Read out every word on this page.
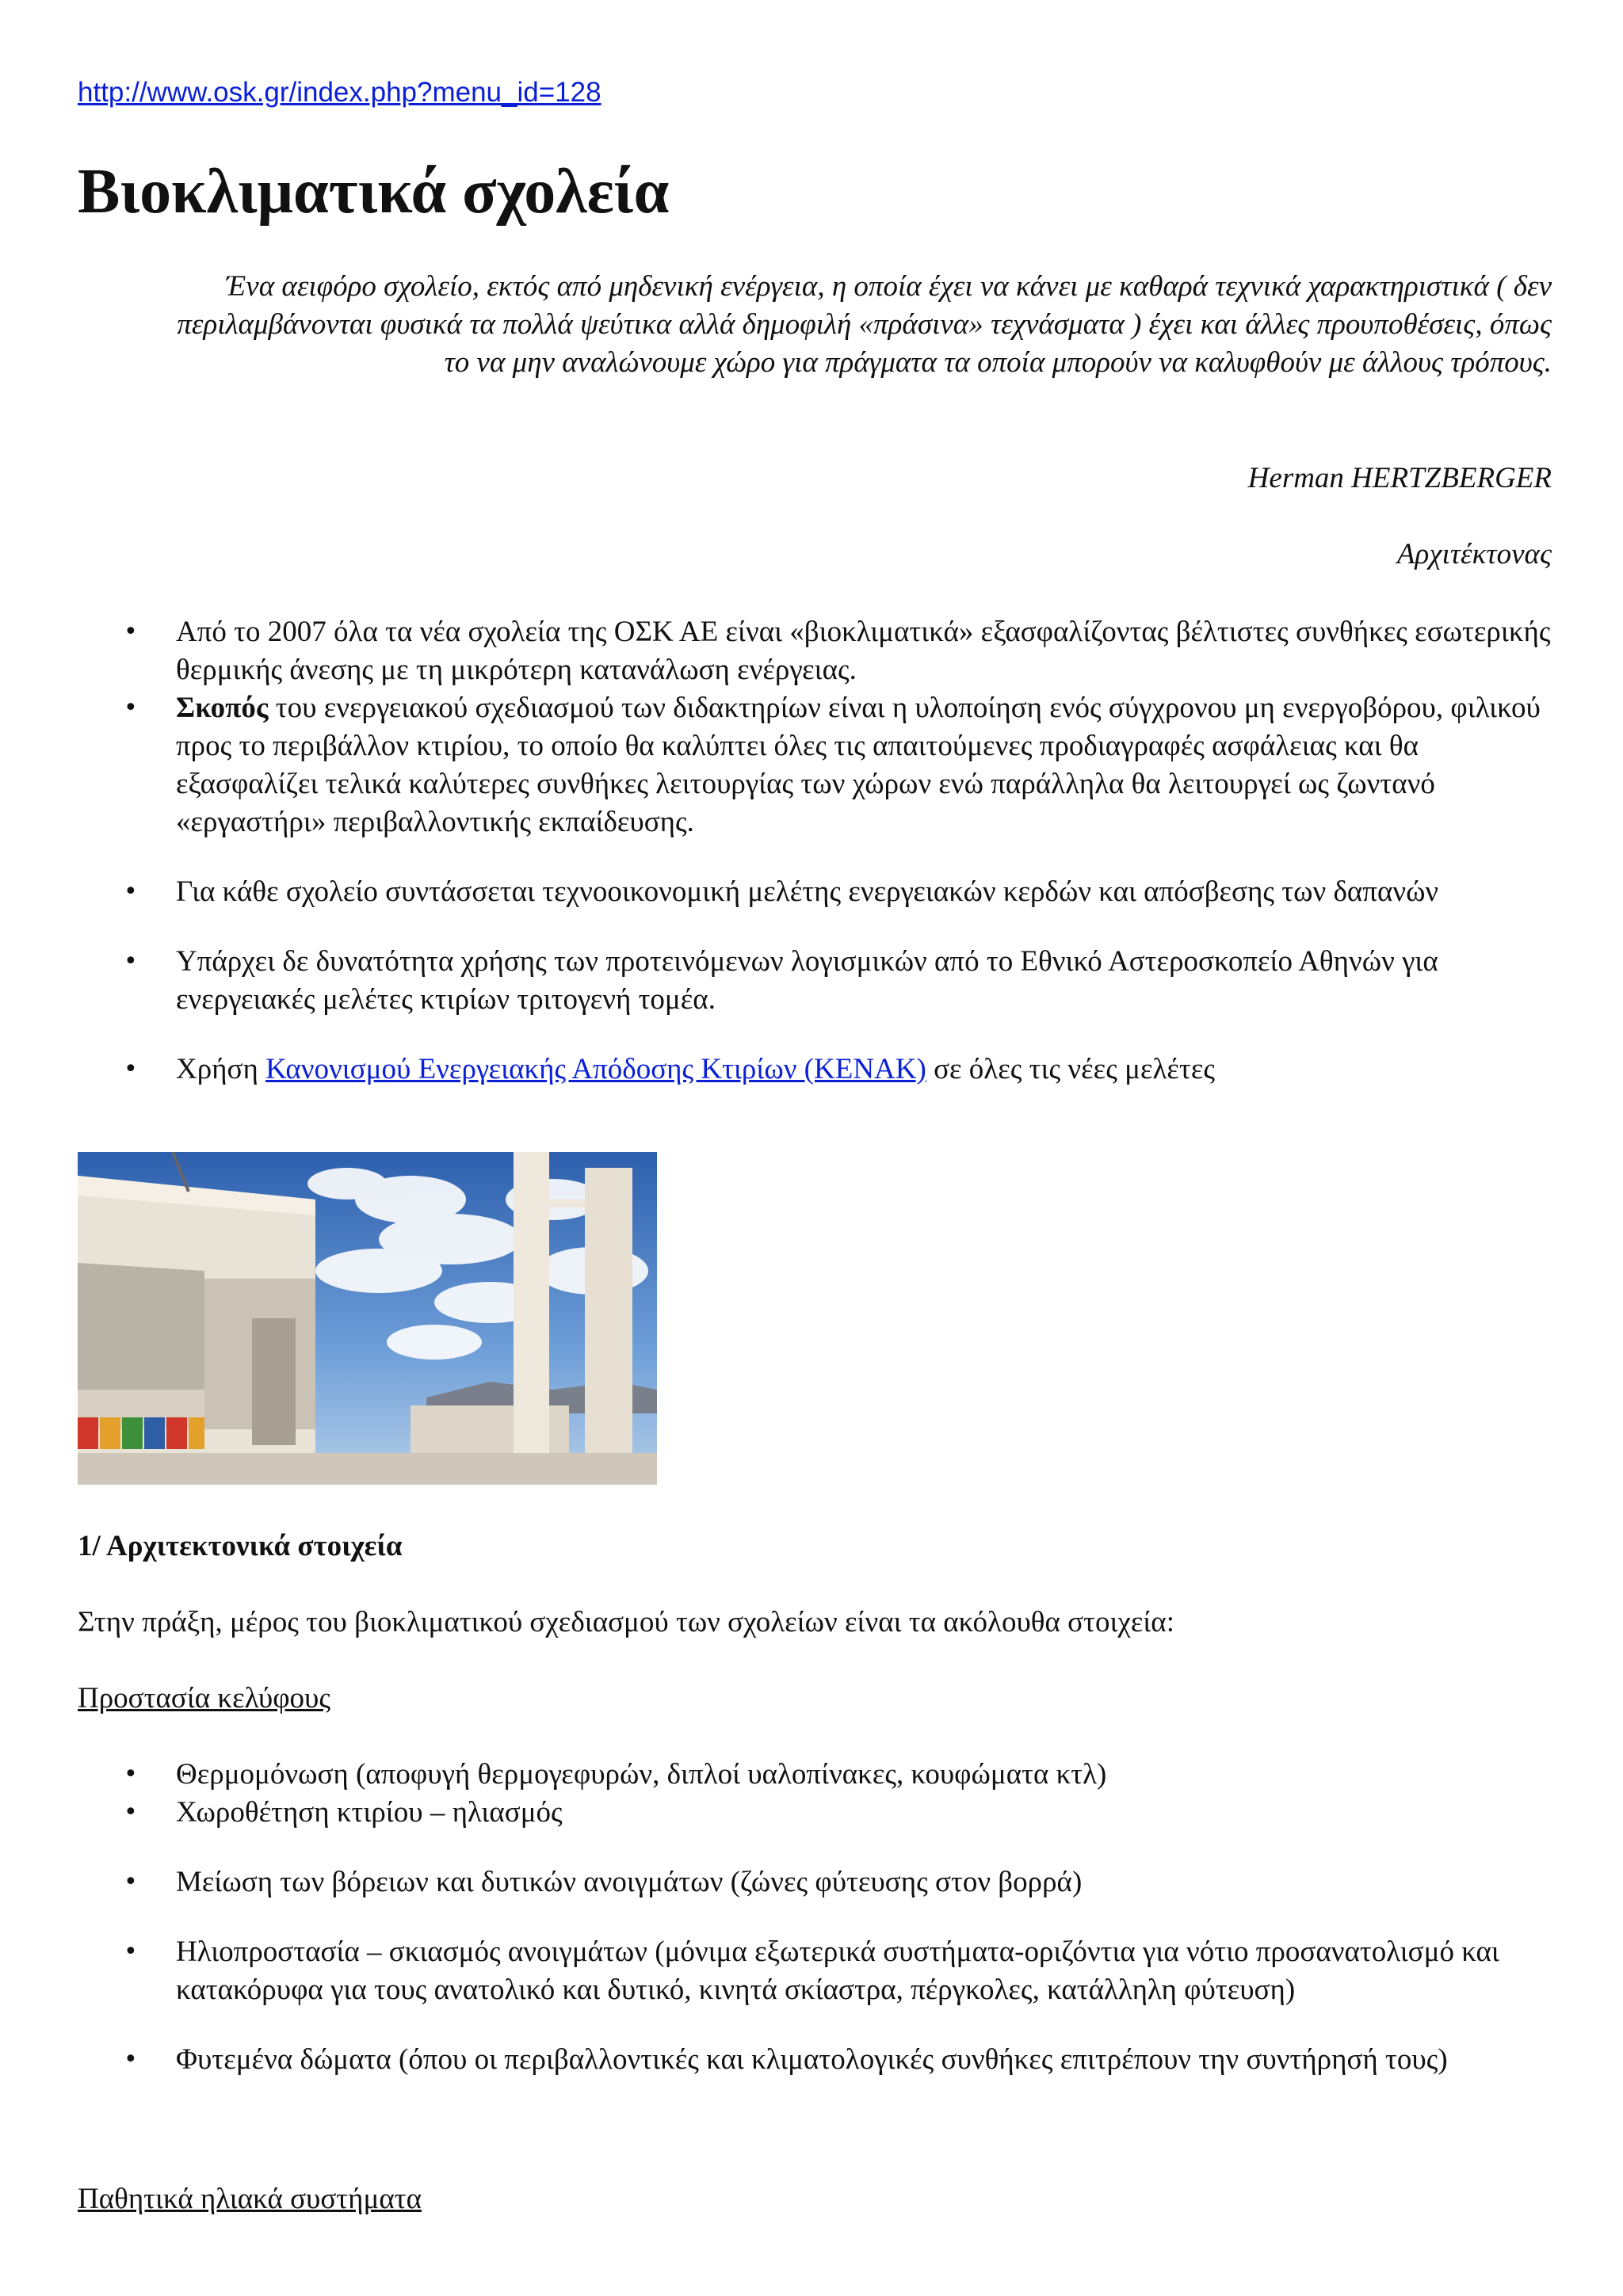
http://www.osk.gr/index.php?menu_id=128
Βιοκλιματικά σχολεία

Ένα αειφόρο σχολείο, εκτός από μηδενική ενέργεια, η οποία έχει να κάνει με καθαρά τεχνικά χαρακτηριστικά ( δεν περιλαμβάνονται φυσικά τα πολλά ψεύτικα αλλά δημοφιλή «πράσινα» τεχνάσματα ) έχει και άλλες προυποθέσεις, όπως το να μην αναλώνουμε χώρο για πράγματα τα οποία μπορούν να καλυφθούν με άλλους τρόπους.

Herman HERTZBERGER

Αρχιτέκτονας

• Από το 2007 όλα τα νέα σχολεία της ΟΣΚ ΑΕ είναι «βιοκλιματικά» εξασφαλίζοντας βέλτιστες συνθήκες εσωτερικής θερμικής άνεσης με τη μικρότερη κατανάλωση ενέργειας.
• Σκοπός του ενεργειακού σχεδιασμού των διδακτηρίων είναι η υλοποίηση ενός σύγχρονου μη ενεργοβόρου, φιλικού προς το περιβάλλον κτιρίου, το οποίο θα καλύπτει όλες τις απαιτούμενες προδιαγραφές ασφάλειας και θα εξασφαλίζει τελικά καλύτερες συνθήκες λειτουργίας των χώρων ενώ παράλληλα θα λειτουργεί ως ζωντανό «εργαστήρι» περιβαλλοντικής εκπαίδευσης.
• Για κάθε σχολείο συντάσσεται τεχνοοικονομική μελέτης ενεργειακών κερδών και απόσβεσης των δαπανών
• Υπάρχει δε δυνατότητα χρήσης των προτεινόμενων λογισμικών από το Εθνικό Αστεροσκοπείο Αθηνών για ενεργειακές μελέτες κτιρίων τριτογενή τομέα.
• Χρήση Κανονισμού Ενεργειακής Απόδοσης Κτιρίων (ΚΕΝΑΚ) σε όλες τις νέες μελέτες
1/ Αρχιτεκτονικά στοιχεία

Στην πράξη, μέρος του βιοκλιματικού σχεδιασμού των σχολείων είναι τα ακόλουθα στοιχεία:

Προστασία κελύφους

• Θερμομόνωση (αποφυγή θερμογεφυρών, διπλοί υαλοπίνακες, κουφώματα κτλ)
• Χωροθέτηση κτιρίου – ηλιασμός
• Μείωση των βόρειων και δυτικών ανοιγμάτων (ζώνες φύτευσης στον βορρά)
• Ηλιοπροστασία – σκιασμός ανοιγμάτων (μόνιμα εξωτερικά συστήματα-οριζόντια για νότιο προσανατολισμό και κατακόρυφα για τους ανατολικό και δυτικό, κινητά σκίαστρα, πέργκολες, κατάλληλη φύτευση)
• Φυτεμένα δώματα (όπου οι περιβαλλοντικές και κλιματολογικές συνθήκες επιτρέπουν την συντήρησή τους)

Παθητικά ηλιακά συστήματα
